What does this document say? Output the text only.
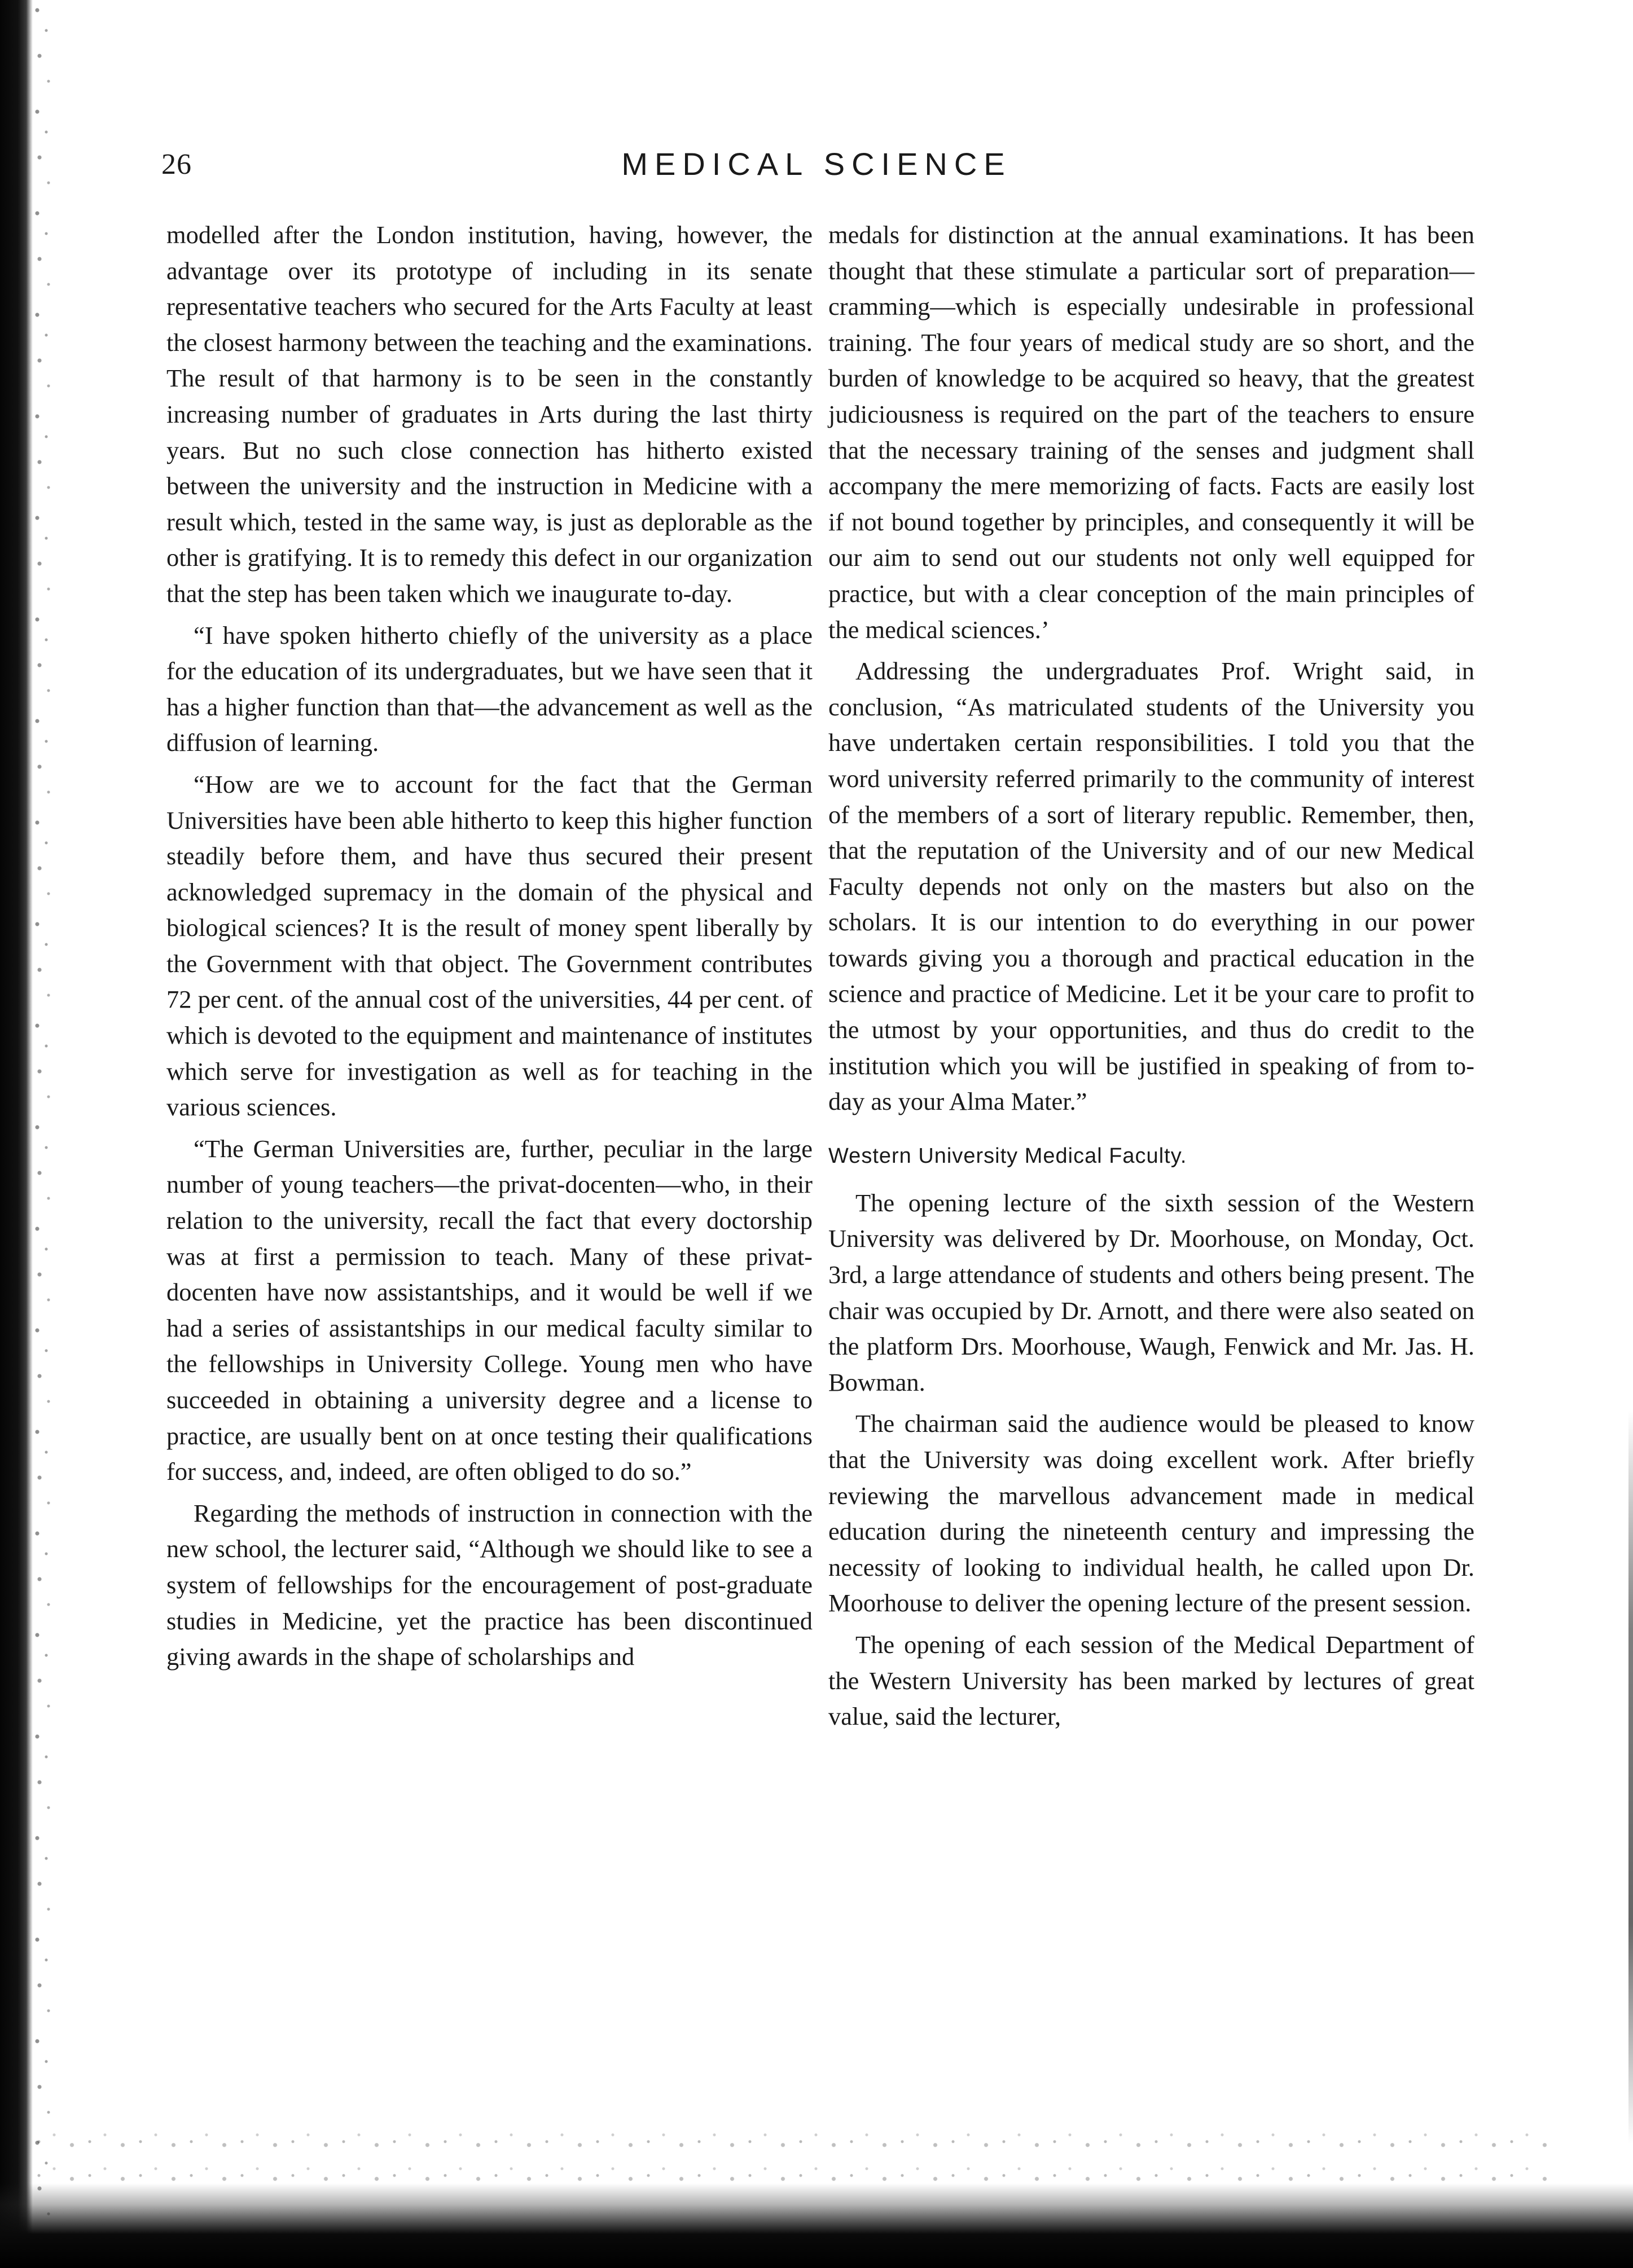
26	MEDICAL SCIENCE

modelled after the London institution, having, however, the advantage over its prototype of including in its senate representative teachers who secured for the Arts Faculty at least the closest harmony between the teaching and the examinations. The result of that harmony is to be seen in the constantly increasing number of graduates in Arts during the last thirty years. But no such close connection has hitherto existed between the university and the instruction in Medicine with a result which, tested in the same way, is just as deplorable as the other is gratifying. It is to remedy this defect in our organization that the step has been taken which we inaugurate to-day.

“I have spoken hitherto chiefly of the university as a place for the education of its undergraduates, but we have seen that it has a higher function than that—the advancement as well as the diffusion of learning.

“How are we to account for the fact that the German Universities have been able hitherto to keep this higher function steadily before them, and have thus secured their present acknowledged supremacy in the domain of the physical and biological sciences? It is the result of money spent liberally by the Government with that object. The Government contributes 72 per cent. of the annual cost of the universities, 44 per cent. of which is devoted to the equipment and maintenance of institutes which serve for investigation as well as for teaching in the various sciences.

“The German Universities are, further, peculiar in the large number of young teachers—the privat-docenten—who, in their relation to the university, recall the fact that every doctorship was at first a permission to teach. Many of these privat-docenten have now assistantships, and it would be well if we had a series of assistantships in our medical faculty similar to the fellowships in University College. Young men who have succeeded in obtaining a university degree and a license to practice, are usually bent on at once testing their qualifications for success, and, indeed, are often obliged to do so.”

Regarding the methods of instruction in connection with the new school, the lecturer said, “Although we should like to see a system of fellowships for the encouragement of post-graduate studies in Medicine, yet the practice has been discontinued giving awards in the shape of scholarships and

medals for distinction at the annual examinations. It has been thought that these stimulate a particular sort of preparation—cramming—which is especially undesirable in professional training. The four years of medical study are so short, and the burden of knowledge to be acquired so heavy, that the greatest judiciousness is required on the part of the teachers to ensure that the necessary training of the senses and judgment shall accompany the mere memorizing of facts. Facts are easily lost if not bound together by principles, and consequently it will be our aim to send out our students not only well equipped for practice, but with a clear conception of the main principles of the medical sciences.’

Addressing the undergraduates Prof. Wright said, in conclusion, “As matriculated students of the University you have undertaken certain responsibilities. I told you that the word university referred primarily to the community of interest of the members of a sort of literary republic. Remember, then, that the reputation of the University and of our new Medical Faculty depends not only on the masters but also on the scholars. It is our intention to do everything in our power towards giving you a thorough and practical education in the science and practice of Medicine. Let it be your care to profit to the utmost by your opportunities, and thus do credit to the institution which you will be justified in speaking of from to-day as your Alma Mater.”

Western University Medical Faculty.

The opening lecture of the sixth session of the Western University was delivered by Dr. Moorhouse, on Monday, Oct. 3rd, a large attendance of students and others being present. The chair was occupied by Dr. Arnott, and there were also seated on the platform Drs. Moorhouse, Waugh, Fenwick and Mr. Jas. H. Bowman.

The chairman said the audience would be pleased to know that the University was doing excellent work. After briefly reviewing the marvellous advancement made in medical education during the nineteenth century and impressing the necessity of looking to individual health, he called upon Dr. Moorhouse to deliver the opening lecture of the present session.

The opening of each session of the Medical Department of the Western University has been marked by lectures of great value, said the lecturer,
